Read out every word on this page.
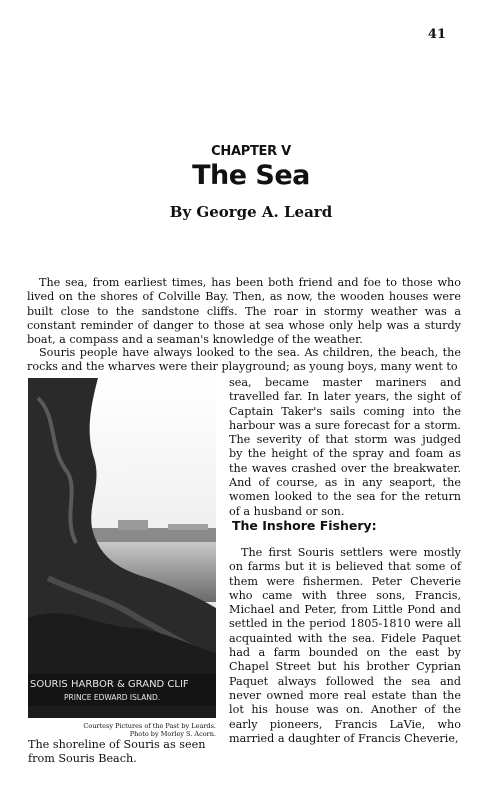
41
CHAPTER V
The Sea
By George A. Leard

The sea, from earliest times, has been both friend and foe to those who lived on the shores of Colville Bay. Then, as now, the wooden houses were built close to the sandstone cliffs. The roar in stormy weather was a constant reminder of danger to those at sea whose only help was a sturdy boat, a compass and a seaman's knowledge of the weather.

Souris people have always looked to the sea. As children, the beach, the rocks and the wharves were their playground; as young boys, many went to

sea, became master mariners and travelled far. In later years, the sight of Captain Taker's sails coming into the harbour was a sure forecast for a storm. The severity of that storm was judged by the height of the spray and foam as the waves crashed over the breakwater. And of course, as in any seaport, the women looked to the sea for the return of a husband or son.

The Inshore Fishery:

The first Souris settlers were mostly on farms but it is believed that some of them were fishermen. Peter Cheverie who came with three sons, Francis, Michael and Peter, from Little Pond and settled in the period 1805-1810 were all acquainted with the sea. Fidele Paquet had a farm bounded on the east by Chapel Street but his brother Cyprian Paquet always followed the sea and never owned more real estate than the lot his house was on. Another of the early pioneers, Francis LaVie, who married a daughter of Francis Cheverie,

SOURIS HARBOR & GRAND CLIF
PRINCE EDWARD ISLAND.
Courtesy Pictures of the Past by Leards.
Photo by Morley S. Acorn.
The shoreline of Souris as seen from Souris Beach.
